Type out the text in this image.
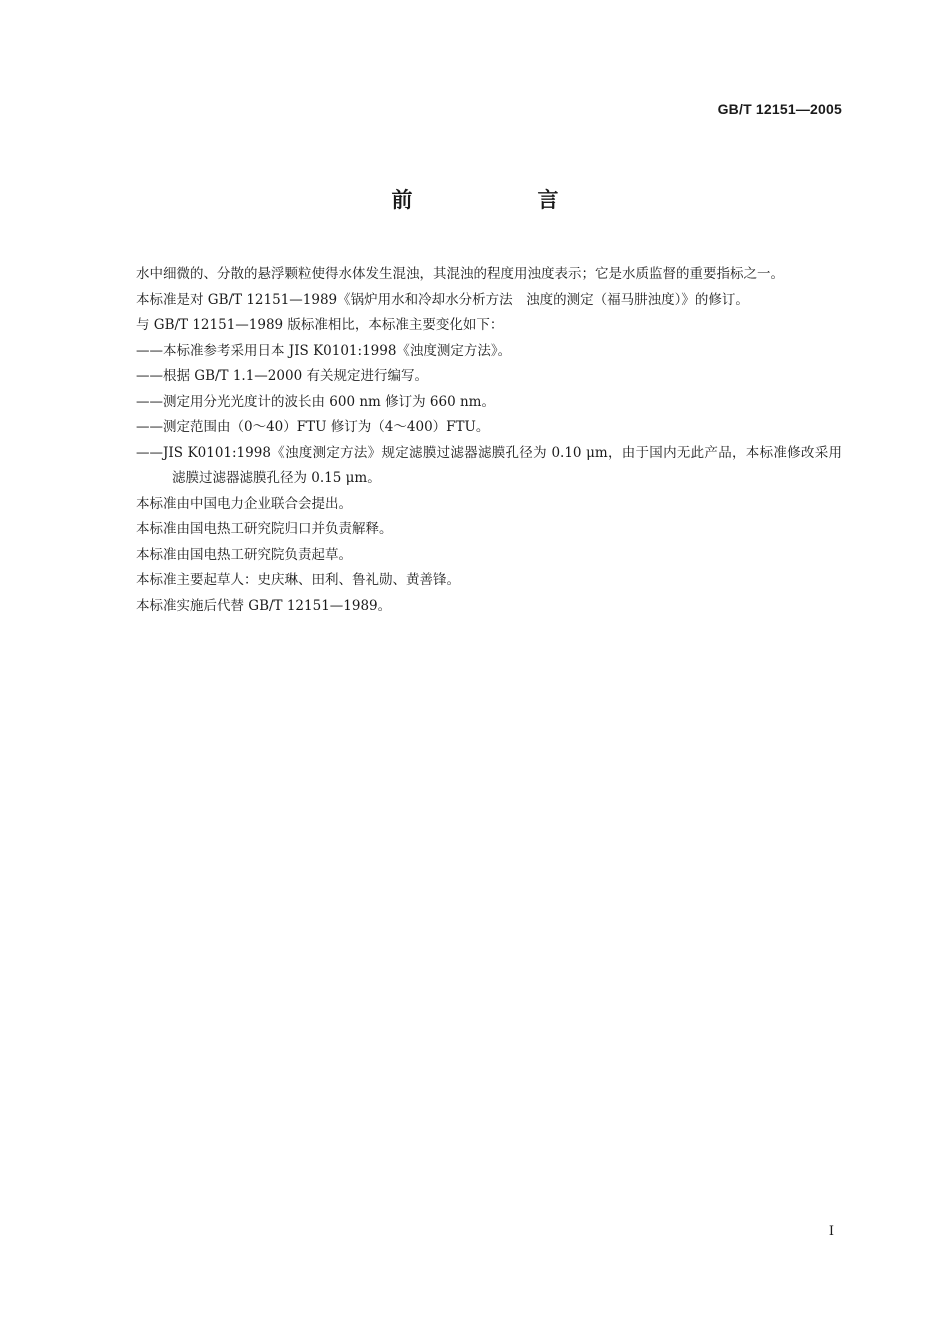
GB/T 12151—2005
前　言

水中细微的、分散的悬浮颗粒使得水体发生混浊，其混浊的程度用浊度表示；它是水质监督的重要指标之一。

本标准是对 GB/T 12151—1989《锅炉用水和冷却水分析方法　浊度的测定（福马肼浊度）》的修订。

与 GB/T 12151—1989 版标准相比，本标准主要变化如下：

——本标准参考采用日本 JIS K0101:1998《浊度测定方法》。

——根据 GB/T 1.1—2000 有关规定进行编写。

——测定用分光光度计的波长由 600 nm 修订为 660 nm。

——测定范围由（0～40）FTU 修订为（4～400）FTU。

——JIS K0101:1998《浊度测定方法》规定滤膜过滤器滤膜孔径为 0.10 μm，由于国内无此产品，本标准修改采用滤膜过滤器滤膜孔径为 0.15 μm。

本标准由中国电力企业联合会提出。

本标准由国电热工研究院归口并负责解释。

本标准由国电热工研究院负责起草。

本标准主要起草人：史庆琳、田利、鲁礼勋、黄善锋。

本标准实施后代替 GB/T 12151—1989。

I
